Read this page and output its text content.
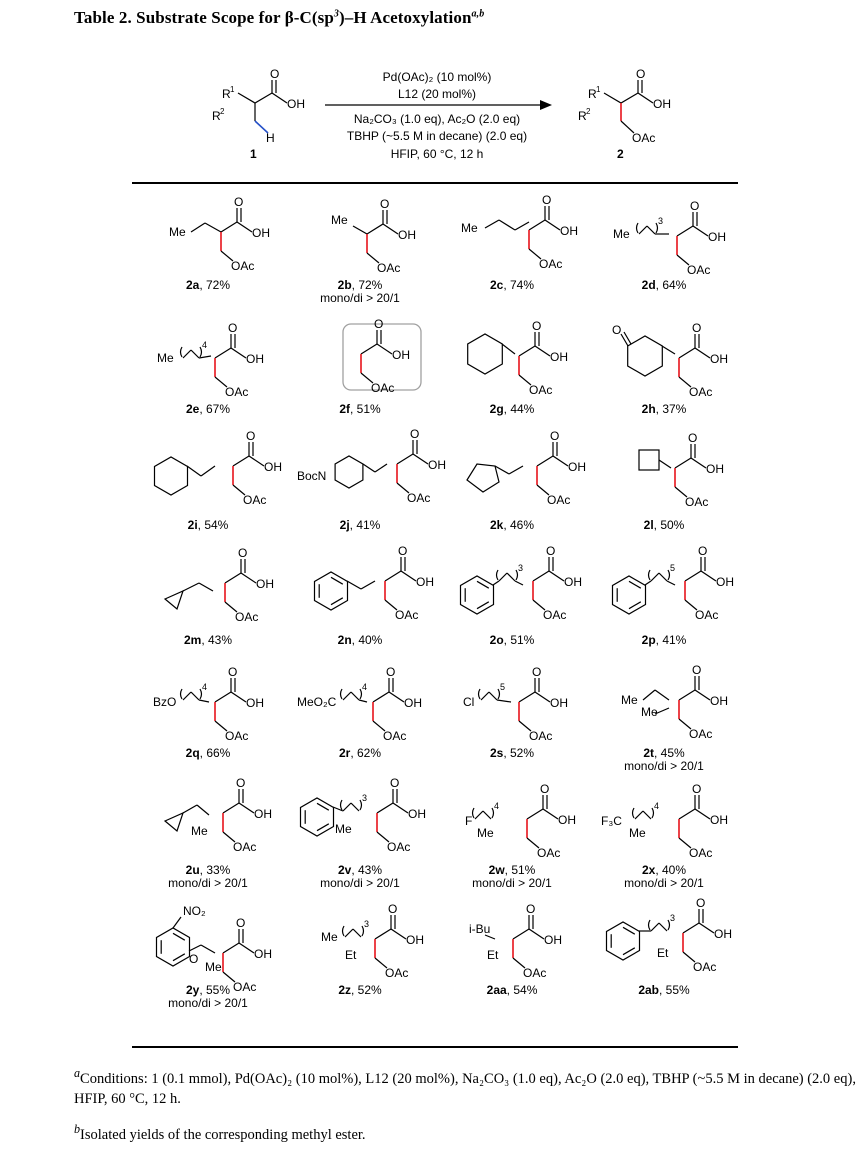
Table 2. Substrate Scope for $\beta-C(sp^3)-H$ Acetoxylation$^{a,b}$
R 1
R 2
O
OH
H
1
Pd(OAc)₂ (10 mol%)
L12 (20 mol%)
Na₂CO₃ (1.0 eq), Ac₂O (2.0 eq)
TBHP (~5.5 M in decane) (2.0 eq)
HFIP, 60 °C, 12 h
R 1
R 2
O
OH
OAc
2
Me
O
OH
OAc
2a, 72%
Me
O
OH
OAc
2b, 72%
mono/di > 20/1
Me
O
OH
OAc
2c, 74%
Me
3
O
OH
OAc
2d, 64%
Me
4
O
OH
OAc
2e, 67%
O
OH
OAc
2f, 51%
O
OH
OAc
2g, 44%
O	O
OH
OAc
2h, 37%
O
OH
OAc
2i, 54%
BocN
O
OH
OAc
2j, 41%
O
OH
OAc
2k, 46%
O
OH
OAc
2l, 50%
O
OH
OAc
2m, 43%
O
OH
OAc
2n, 40%
3
O
OH
OAc
2o, 51%
5
O
OH
OAc
2p, 41%
BzO
4
O
OH
OAc
2q, 66%
MeO₂C
4
O
OH
OAc
2r, 62%
Cl
5
O
OH
OAc
2s, 52%
Me
Me
O
OH
OAc
2t, 45%
mono/di > 20/1
Me
O
OH
OAc
2u, 33%
mono/di > 20/1
3
Me
O
OH
OAc
2v, 43%
mono/di > 20/1
F
4
Me
O
OH
OAc
2w, 51%
mono/di > 20/1
F₃C
4
Me
O
OH
OAc
2x, 40%
mono/di > 20/1
NO₂
O
Me
O
OH
OAc
2y, 55%
mono/di > 20/1
Me
3
Et
O
OH
OAc
2z, 52%
i-Bu
Et
O
OH
OAc
2aa, 54%
3
Et
O
OH
OAc
2ab, 55%

$^a$Conditions: 1 (0.1 mmol), Pd(OAc)₂ (10 mol%), L12 (20 mol%), Na₂CO₃ (1.0 eq), Ac₂O (2.0 eq), TBHP (~5.5 M in decane) (2.0 eq), HFIP, 60 °C, 12 h.

$^b$Isolated yields of the corresponding methyl ester.
